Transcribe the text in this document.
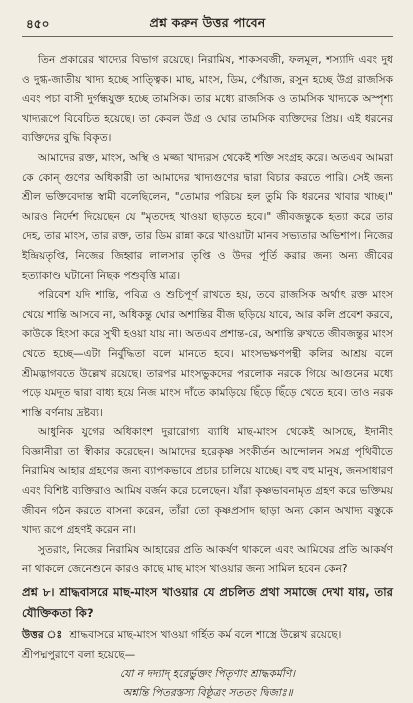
৪৫০	প্রশ্ন করুন উত্তর পাবেন

তিন প্রকারের খাদ্যের বিভাগ রয়েছে। নিরামিষ, শাকসবজী, ফলমূল, শস্যাদি এবং দুধ ও দুগ্ধ-জাতীয় খাদ্য হচ্ছে সাত্ত্বিক। মাছ, মাংস, ডিম, পেঁয়াজ, রসুন হচ্ছে উগ্র রাজসিক এবং পচা বাসী দুর্গন্ধযুক্ত হচ্ছে তামসিক। তার মধ্যে রাজসিক ও তামসিক খাদ্যকে অস্পৃশ্য খাদ্যরূপে বিবেচিত হয়েছে। তা কেবল উগ্র ও ঘোর তামসিক ব্যক্তিদের প্রিয়। এই ধরনের ব্যক্তিদের বুদ্ধি বিকৃত।

আমাদের রক্ত, মাংস, অস্থি ও মজ্জা খাদ্যরস থেকেই শক্তি সংগ্রহ করে। অতএব আমরা কে কোন্ গুণের অধিকারী তা আমাদের খাদ্যগুণের দ্বারা বিচার করতে পারি। সেই জন্য শ্রীল ভক্তিবেদান্ত স্বামী বলেছিলেন, "তোমার পরিচয় হল তুমি কি ধরনের খাবার খাচ্ছ।" আরও নির্দেশ দিয়েছেন যে "মৃতদেহ খাওয়া ছাড়তে হবে।" জীবজন্তুকে হত্যা করে তার দেহ, তার মাংস, তার রক্ত, তার ডিম রান্না করে খাওয়াটা মানব সভ্যতার অভিশাপ। নিজের ইন্দ্রিয়তৃপ্তি, নিজের জিহ্বার লালসার তৃপ্তি ও উদর পূর্তি করার জন্য অন্য জীবের হত্যাকাণ্ড ঘটানো নিছক পশুবৃত্তি মাত্র।

পরিবেশ যদি শান্তি, পবিত্র ও শুচিপূর্ণ রাখতে হয়, তবে রাজসিক অর্থাৎ রক্ত মাংস খেয়ে শান্তি আসবে না, অধিকন্তু ঘোর অশান্তির বীজ ছড়িয়ে যাবে, আর কলি প্রবেশ করবে, কাউকে হিংসা করে সুখী হওয়া যায় না। অতএব প্রশান্ত-রে, অশান্তি রুখতে জীবজন্তুর মাংস খেতে হচ্ছে—এটা নির্বুদ্ধিতা বলে মানতে হবে। মাংসভক্ষণপন্থী কলির আশ্রয় বলে শ্রীমদ্ভাগবতে উল্লেখ রয়েছে। তারপর মাংসভুকদের পরলোক নরকে গিয়ে আগুনের মধ্যে পড়ে যমদূত দ্বারা বাধ্য হয়ে নিজ মাংস দাঁতে কামড়িয়ে ছিঁড়ে ছিঁড়ে খেতে হবে। তাও নরক শাস্তি বর্ণনায় দ্রষ্টব্য।

আধুনিক যুগের অধিকাংশ দুরারোগ্য ব্যাধি মাছ-মাংস থেকেই আসছে, ইদানীং বিজ্ঞানীরা তা স্বীকার করেছেন। আমাদের হরেকৃষ্ণ সংকীর্তন আন্দোলন সমগ্র পৃথিবীতে নিরামিষ আহার গ্রহণের জন্য ব্যাপকভাবে প্রচার চালিয়ে যাচ্ছে। বহু বহু মানুষ, জনসাধারণ এবং বিশিষ্ট ব্যক্তিরাও আমিষ বর্জন করে চলেছেন। যাঁরা কৃষ্ণভাবনামৃত গ্রহণ করে ভক্তিময় জীবন গঠন করতে বাসনা করেন, তাঁরা তো কৃষ্ণপ্রসাদ ছাড়া অন্য কোন অখাদ্য বস্তুকে খাদ্য রূপে গ্রহণই করেন না।

সুতরাং, নিজের নিরামিষ আহারের প্রতি আকর্ষণ থাকলে এবং আমিষের প্রতি আকর্ষণ না থাকলে জেনেশুনে কারও কাছে মাছ মাংস খাওয়ার জন্য সামিল হবেন কেন?

প্রশ্ন ৮। শ্রাদ্ধবাসরে মাছ-মাংস খাওয়ার যে প্রচলিত প্রথা সমাজে দেখা যায়, তার যৌক্তিকতা কি?

উত্তর ঃ শ্রাদ্ধবাসরে মাছ-মাংস খাওয়া গর্হিত কর্ম বলে শাস্ত্রে উল্লেখ রয়েছে।

শ্রীপদ্মপুরাণে বলা হয়েছে—

যো ন দদ্যাদ্ হরের্ভুক্তং পিতৃণাং শ্রাদ্ধকর্মণি।

অশ্নন্তি পিতরস্তস্য বিষ্ঠূত্রং সততং দ্বিজাঃ॥
